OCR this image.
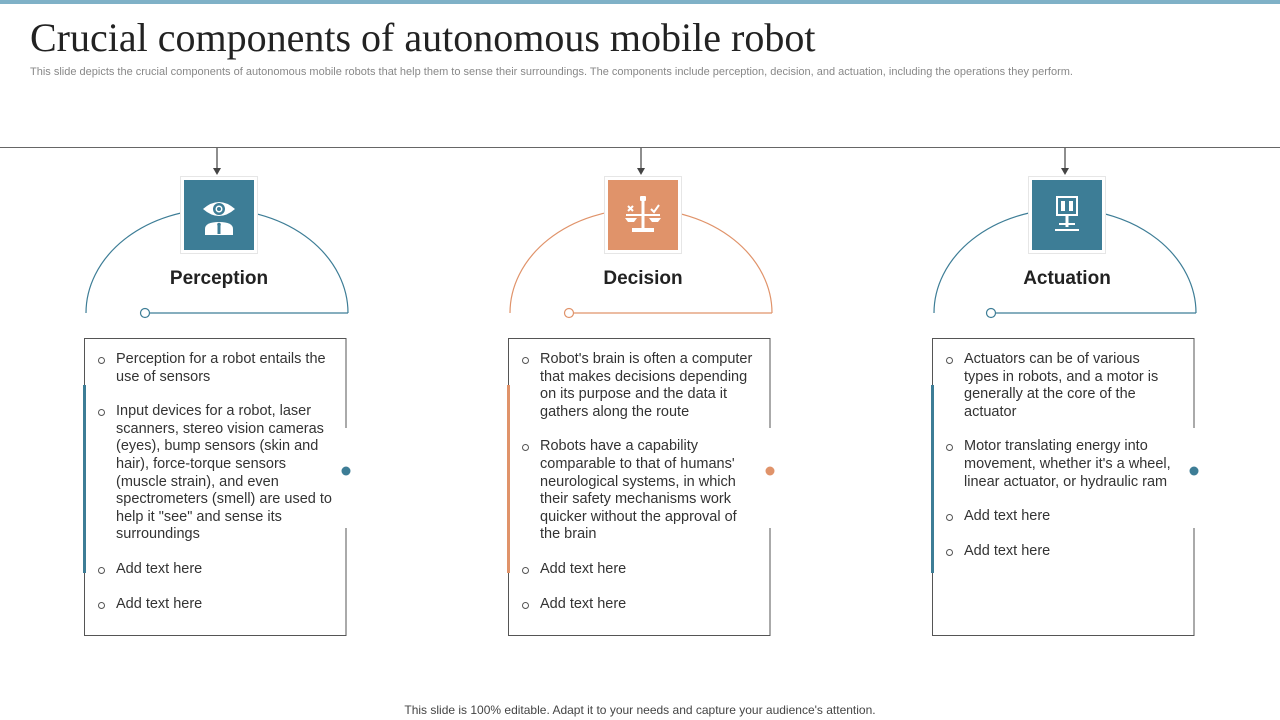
Crucial components of autonomous mobile robot

This slide depicts the crucial components of autonomous mobile robots that help them to sense their surroundings. The components include perception, decision, and actuation, including the operations they perform.

Perception
Perception for a robot entails the use of sensors
Input devices for a robot, laser scanners, stereo vision cameras (eyes), bump sensors (skin and hair), force-torque sensors (muscle strain), and even spectrometers (smell) are used to help it "see" and sense its surroundings
Add text here
Add text here
Decision
Robot's brain is often a computer that makes decisions depending on its purpose and the data it gathers along the route
Robots have a capability comparable to that of humans' neurological systems, in which their safety mechanisms work quicker without the approval of the brain
Add text here
Add text here
Actuation
Actuators can be of various types in robots, and a motor is generally at the core of the actuator
Motor translating energy into movement, whether it's a wheel, linear actuator, or hydraulic ram
Add text here
Add text here
This slide is 100% editable. Adapt it to your needs and capture your audience's attention.
